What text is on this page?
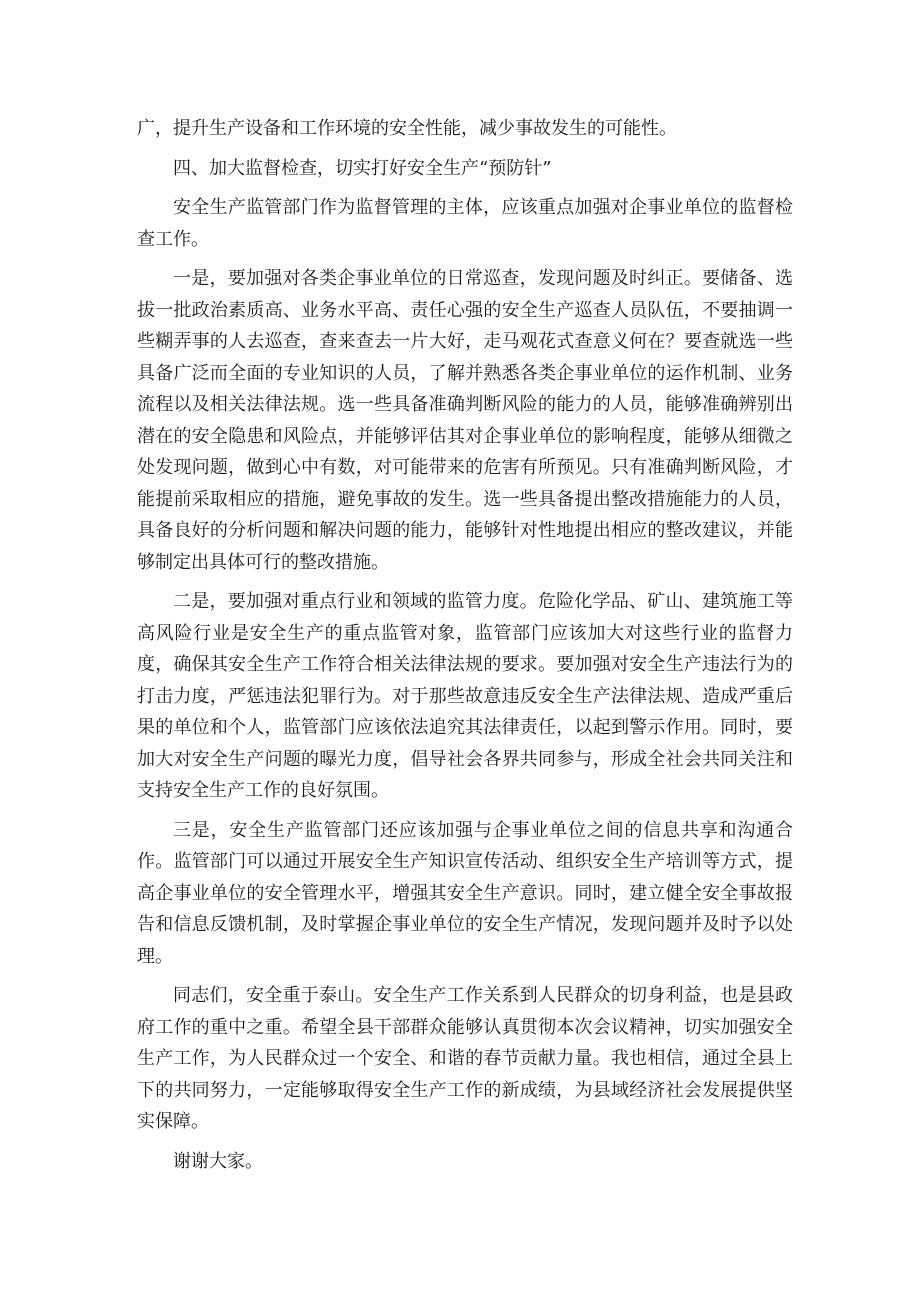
广，提升生产设备和工作环境的安全性能，减少事故发生的可能性。

四、加大监督检查，切实打好安全生产“预防针”

安全生产监管部门作为监督管理的主体，应该重点加强对企事业单位的监督检查工作。

一是，要加强对各类企事业单位的日常巡查，发现问题及时纠正。要储备、选拔一批政治素质高、业务水平高、责任心强的安全生产巡查人员队伍，不要抽调一些糊弄事的人去巡查，查来查去一片大好，走马观花式查意义何在？要查就选一些具备广泛而全面的专业知识的人员，了解并熟悉各类企事业单位的运作机制、业务流程以及相关法律法规。选一些具备准确判断风险的能力的人员，能够准确辨别出潜在的安全隐患和风险点，并能够评估其对企事业单位的影响程度，能够从细微之处发现问题，做到心中有数，对可能带来的危害有所预见。只有准确判断风险，才能提前采取相应的措施，避免事故的发生。选一些具备提出整改措施能力的人员，具备良好的分析问题和解决问题的能力，能够针对性地提出相应的整改建议，并能够制定出具体可行的整改措施。

二是，要加强对重点行业和领域的监管力度。危险化学品、矿山、建筑施工等高风险行业是安全生产的重点监管对象，监管部门应该加大对这些行业的监督力度，确保其安全生产工作符合相关法律法规的要求。要加强对安全生产违法行为的打击力度，严惩违法犯罪行为。对于那些故意违反安全生产法律法规、造成严重后果的单位和个人，监管部门应该依法追究其法律责任，以起到警示作用。同时，要加大对安全生产问题的曝光力度，倡导社会各界共同参与，形成全社会共同关注和支持安全生产工作的良好氛围。

三是，安全生产监管部门还应该加强与企事业单位之间的信息共享和沟通合作。监管部门可以通过开展安全生产知识宣传活动、组织安全生产培训等方式，提高企事业单位的安全管理水平，增强其安全生产意识。同时，建立健全安全事故报告和信息反馈机制，及时掌握企事业单位的安全生产情况，发现问题并及时予以处理。

同志们，安全重于泰山。安全生产工作关系到人民群众的切身利益，也是县政府工作的重中之重。希望全县干部群众能够认真贯彻本次会议精神，切实加强安全生产工作，为人民群众过一个安全、和谐的春节贡献力量。我也相信，通过全县上下的共同努力，一定能够取得安全生产工作的新成绩，为县域经济社会发展提供坚实保障。

谢谢大家。
